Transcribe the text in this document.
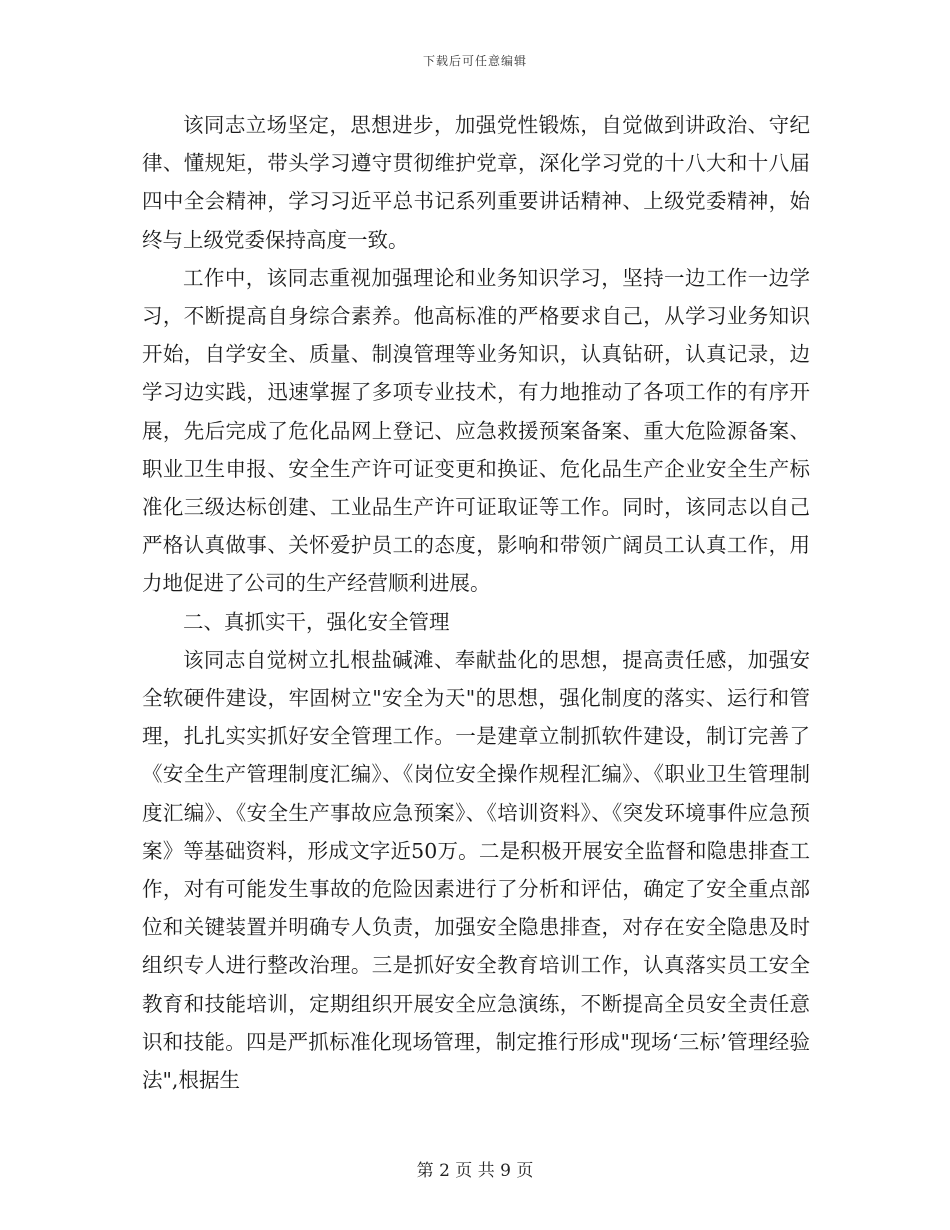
下载后可任意编辑

该同志立场坚定，思想进步，加强党性锻炼，自觉做到讲政治、守纪律、懂规矩，带头学习遵守贯彻维护党章，深化学习党的十八大和十八届四中全会精神，学习习近平总书记系列重要讲话精神、上级党委精神，始终与上级党委保持高度一致。

工作中，该同志重视加强理论和业务知识学习，坚持一边工作一边学习，不断提高自身综合素养。他高标准的严格要求自己，从学习业务知识开始，自学安全、质量、制溴管理等业务知识，认真钻研，认真记录，边学习边实践，迅速掌握了多项专业技术，有力地推动了各项工作的有序开展，先后完成了危化品网上登记、应急救援预案备案、重大危险源备案、职业卫生申报、安全生产许可证变更和换证、危化品生产企业安全生产标准化三级达标创建、工业品生产许可证取证等工作。同时，该同志以自己严格认真做事、关怀爱护员工的态度，影响和带领广阔员工认真工作，用力地促进了公司的生产经营顺利进展。

二、真抓实干，强化安全管理

该同志自觉树立扎根盐碱滩、奉献盐化的思想，提高责任感，加强安全软硬件建设，牢固树立"安全为天"的思想，强化制度的落实、运行和管理，扎扎实实抓好安全管理工作。一是建章立制抓软件建设，制订完善了《安全生产管理制度汇编》、《岗位安全操作规程汇编》、《职业卫生管理制度汇编》、《安全生产事故应急预案》、《培训资料》、《突发环境事件应急预案》等基础资料，形成文字近50万。二是积极开展安全监督和隐患排查工作，对有可能发生事故的危险因素进行了分析和评估，确定了安全重点部位和关键装置并明确专人负责，加强安全隐患排查，对存在安全隐患及时组织专人进行整改治理。三是抓好安全教育培训工作，认真落实员工安全教育和技能培训，定期组织开展安全应急演练，不断提高全员安全责任意识和技能。四是严抓标准化现场管理，制定推行形成"现场‘三标’管理经验法",根据生

第 2 页 共 9 页
